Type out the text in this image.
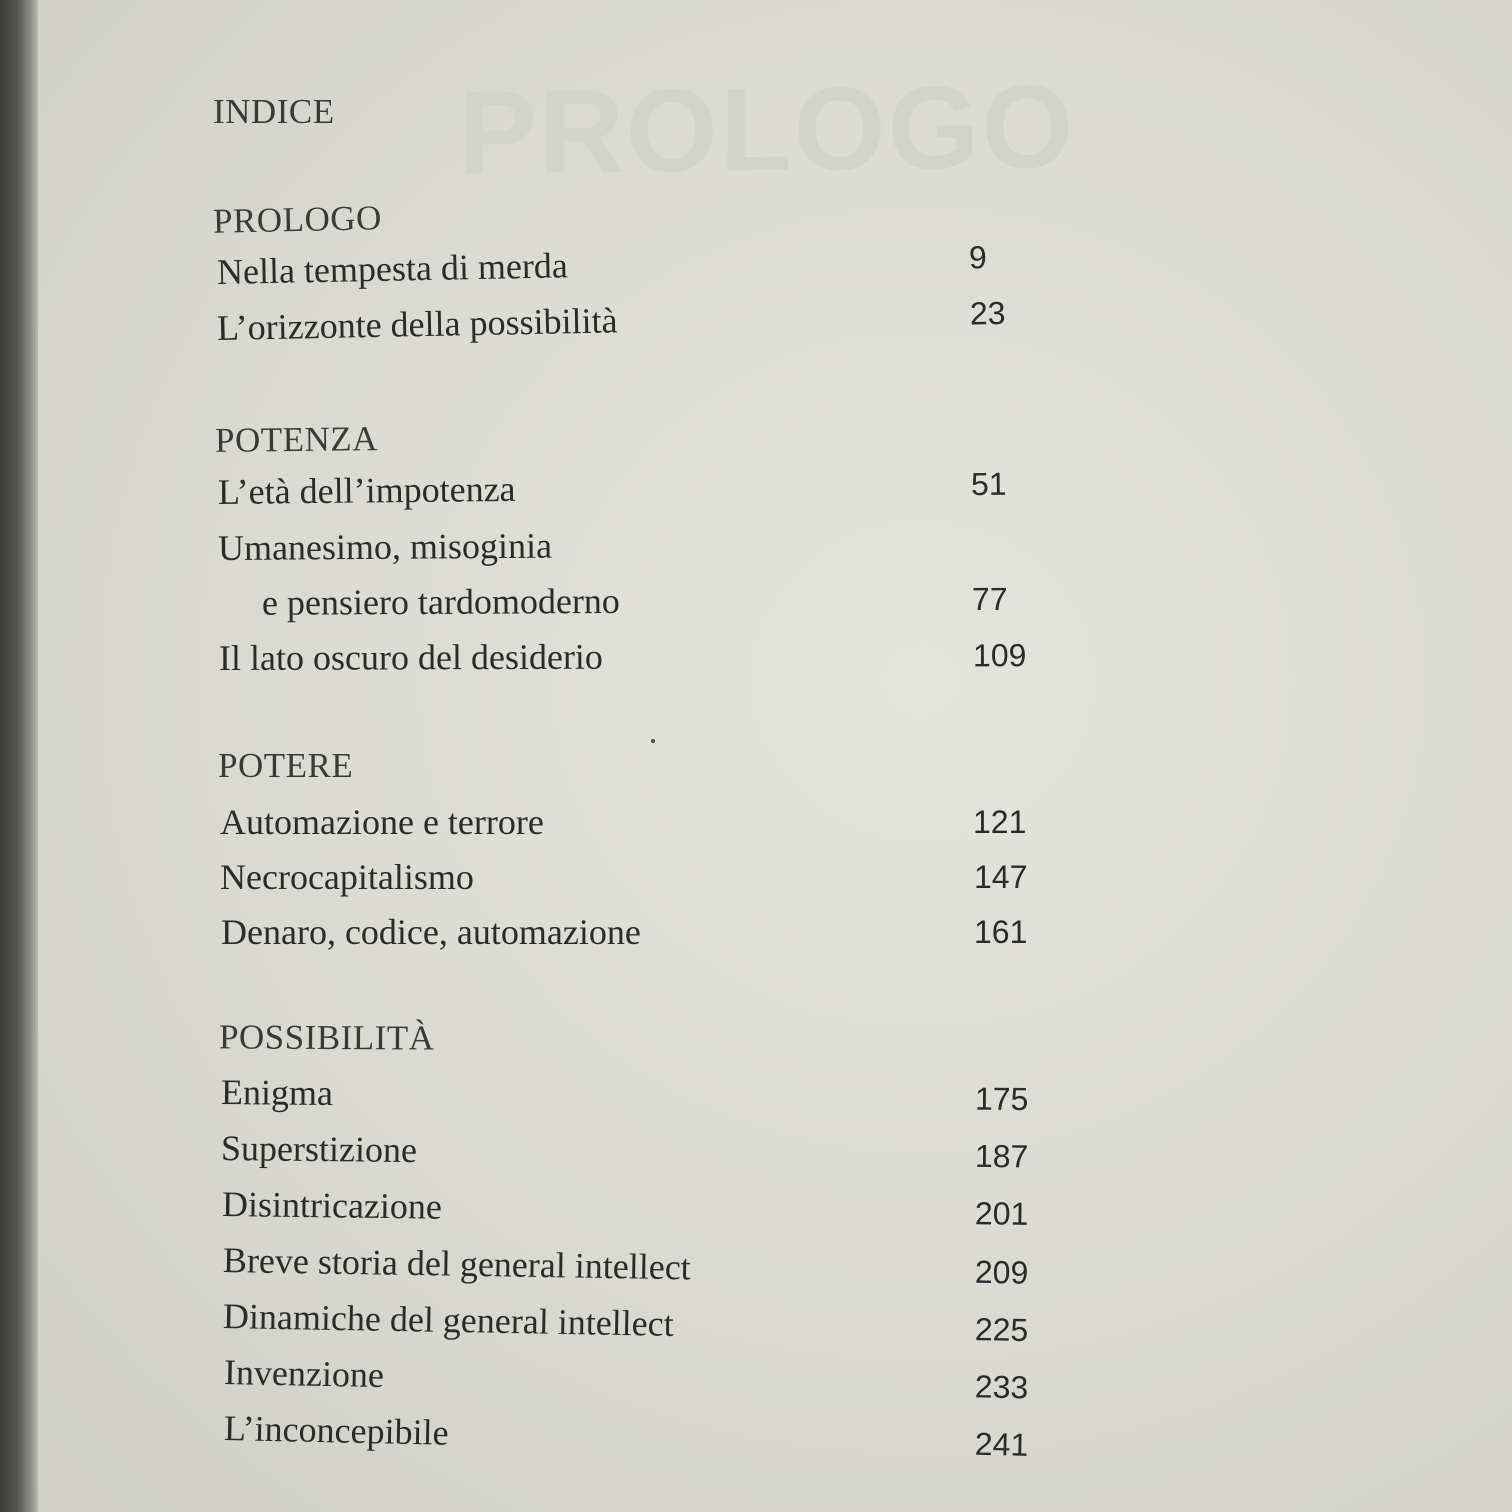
PROLOGO
INDICE
PROLOGO
Nella tempesta di merda	9
L’orizzonte della possibilità	23
POTENZA
L’età dell’impotenza	51
Umanesimo, misoginia
e pensiero tardomoderno	77
Il lato oscuro del desiderio	109
POTERE
Automazione e terrore	121
Necrocapitalismo	147
Denaro, codice, automazione	161
POSSIBILITÀ
Enigma	175
Superstizione	187
Disintricazione	201
Breve storia del general intellect	209
Dinamiche del general intellect	225
Invenzione	233
L’inconcepibile	241
